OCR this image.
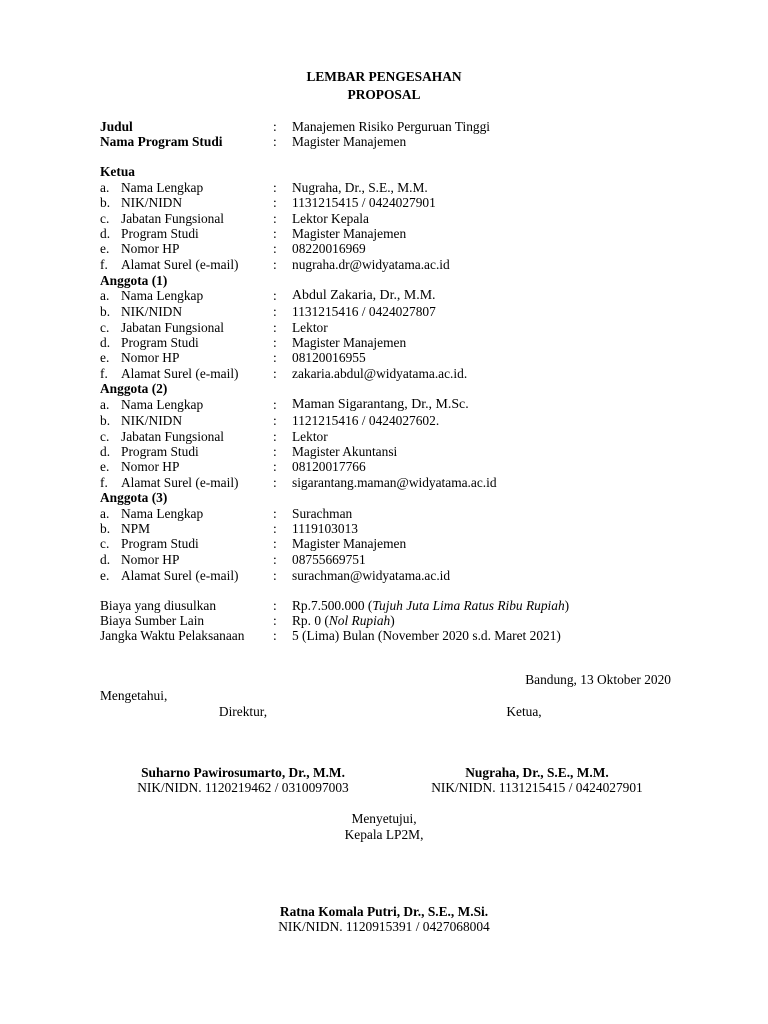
LEMBAR PENGESAHAN
PROPOSAL
Judul	: Manajemen Risiko Perguruan Tinggi
Nama Program Studi	: Magister Manajemen
Ketua
a. Nama Lengkap	: Nugraha, Dr., S.E., M.M.
b. NIK/NIDN	: 1131215415 / 0424027901
c. Jabatan Fungsional	: Lektor Kepala
d. Program Studi	: Magister Manajemen
e. Nomor HP	: 08220016969
f. Alamat Surel (e-mail)	: nugraha.dr@widyatama.ac.id
Anggota (1)
a. Nama Lengkap	: Abdul Zakaria, Dr., M.M.
b. NIK/NIDN	: 1131215416 / 0424027807
c. Jabatan Fungsional	: Lektor
d. Program Studi	: Magister Manajemen
e. Nomor HP	: 08120016955
f. Alamat Surel (e-mail)	: zakaria.abdul@widyatama.ac.id.
Anggota (2)
a. Nama Lengkap	: Maman Sigarantang, Dr., M.Sc.
b. NIK/NIDN	: 1121215416 / 0424027602.
c. Jabatan Fungsional	: Lektor
d. Program Studi	: Magister Akuntansi
e. Nomor HP	: 08120017766
f. Alamat Surel (e-mail)	: sigarantang.maman@widyatama.ac.id
Anggota (3)
a. Nama Lengkap	: Surachman
b. NPM	: 1119103013
c. Program Studi	: Magister Manajemen
d. Nomor HP	: 08755669751
e. Alamat Surel (e-mail)	: surachman@widyatama.ac.id
Biaya yang diusulkan	: Rp.7.500.000 (Tujuh Juta Lima Ratus Ribu Rupiah)
Biaya Sumber Lain	: Rp. 0 (Nol Rupiah)
Jangka Waktu Pelaksanaan : 5 (Lima) Bulan (November 2020 s.d. Maret 2021)
Bandung, 13 Oktober 2020
Mengetahui,
Direktur,	Ketua,
Suharno Pawirosumarto, Dr., M.M.
NIK/NIDN. 1120219462 / 0310097003
Nugraha, Dr., S.E., M.M.
NIK/NIDN. 1131215415 / 0424027901
Menyetujui,
Kepala LP2M,
Ratna Komala Putri, Dr., S.E., M.Si.
NIK/NIDN. 1120915391 / 0427068004
